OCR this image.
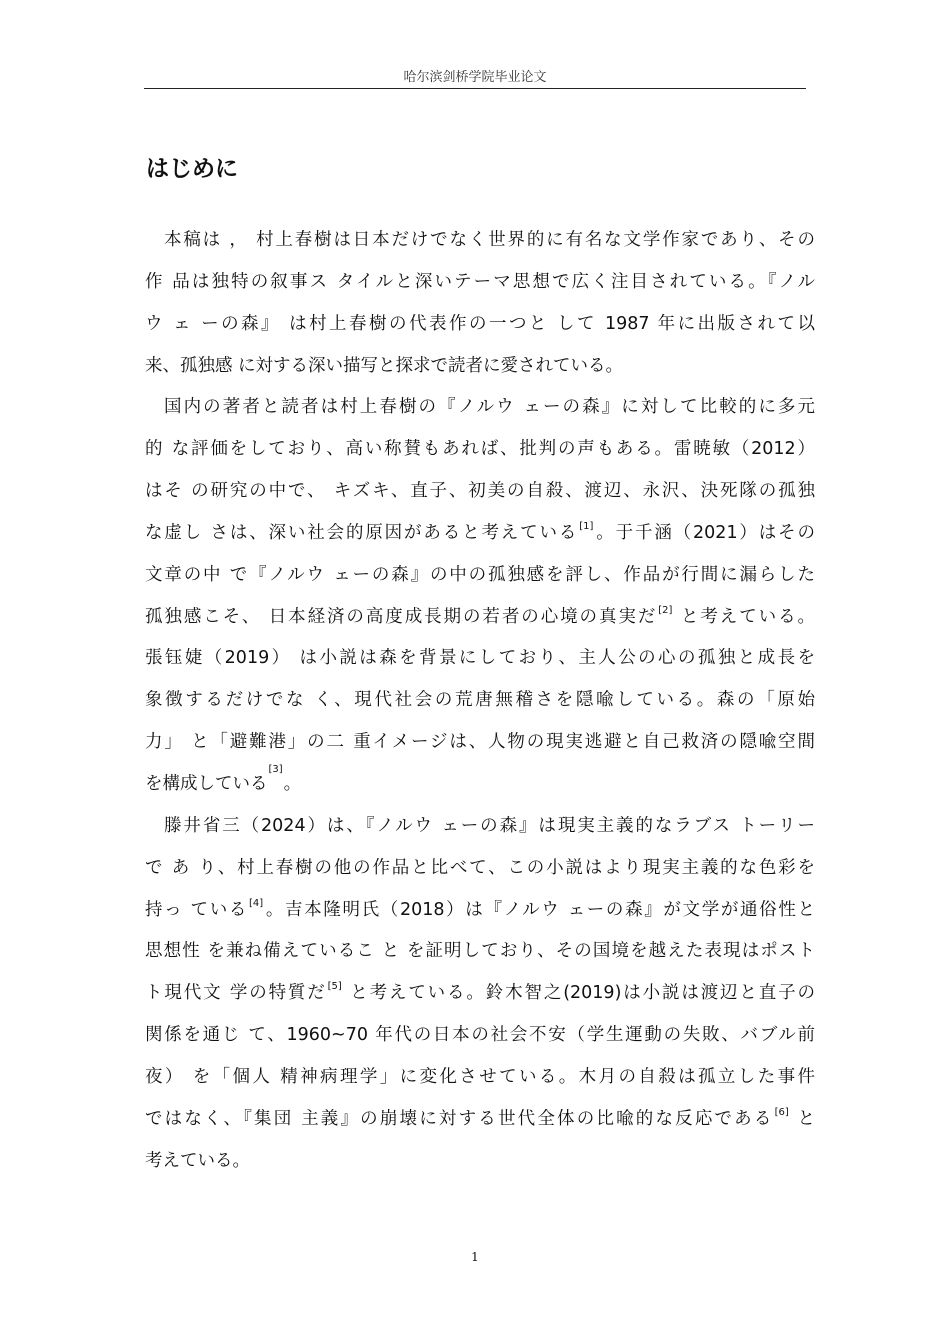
哈尔滨剑桥学院毕业论文
はじめに
本稿は ， 村上春樹は日本だけでなく世界的に有名な文学作家であり、その
作 品は独特の叙事ス タイルと深いテーマ思想で広く注目されている。『ノル
ウ ェ ーの森』 は村上春樹の代表作の一つと して 1987 年に出版されて以
来、孤独感 に対する深い描写と探求で読者に愛されている。
国内の著者と読者は村上春樹の『ノルウ ェーの森』に対して比較的に多元
的 な評価をしており、高い称賛もあれば、批判の声もある。雷暁敏（2012）
はそ の研究の中で、 キズキ、直子、初美の自殺、渡辺、永沢、決死隊の孤独
な虚し さは、深い社会的原因があると考えている[1]。于千涵（2021）はその
文章の中 で『ノルウ ェーの森』の中の孤独感を評し、作品が行間に漏らした
孤独感こそ、 日本経済の高度成長期の若者の心境の真実だ[2] と考えている。
張钰婕（2019） は小説は森を背景にしており、主人公の心の孤独と成長を
象徴するだけでな く、現代社会の荒唐無稽さを隠喩している。森の「原始
力」 と「避難港」の二 重イメージは、人物の現実逃避と自己救済の隠喩空間
を構成している
[3]
。
滕井省三（2024）は、『ノルウ ェーの森』は現実主義的なラブス トーリー
で あ り、村上春樹の他の作品と比べて、この小説はより現実主義的な色彩を
持っ ている[4]。吉本隆明氏（2018）は『ノルウ ェーの森』が文学が通俗性と
思想性 を兼ね備えているこ と を証明しており、その国境を越えた表現はポスト
ト現代文 学の特質だ[5] と考えている。鈴木智之(2019)は小説は渡辺と直子の
関係を通じ て、1960~70 年代の日本の社会不安（学生運動の失敗、バブル前
夜） を「個人 精神病理学」に変化させている。木月の自殺は孤立した事件
ではなく、『集団 主義』の崩壊に対する世代全体の比喩的な反応である[6] と
考えている。
1
